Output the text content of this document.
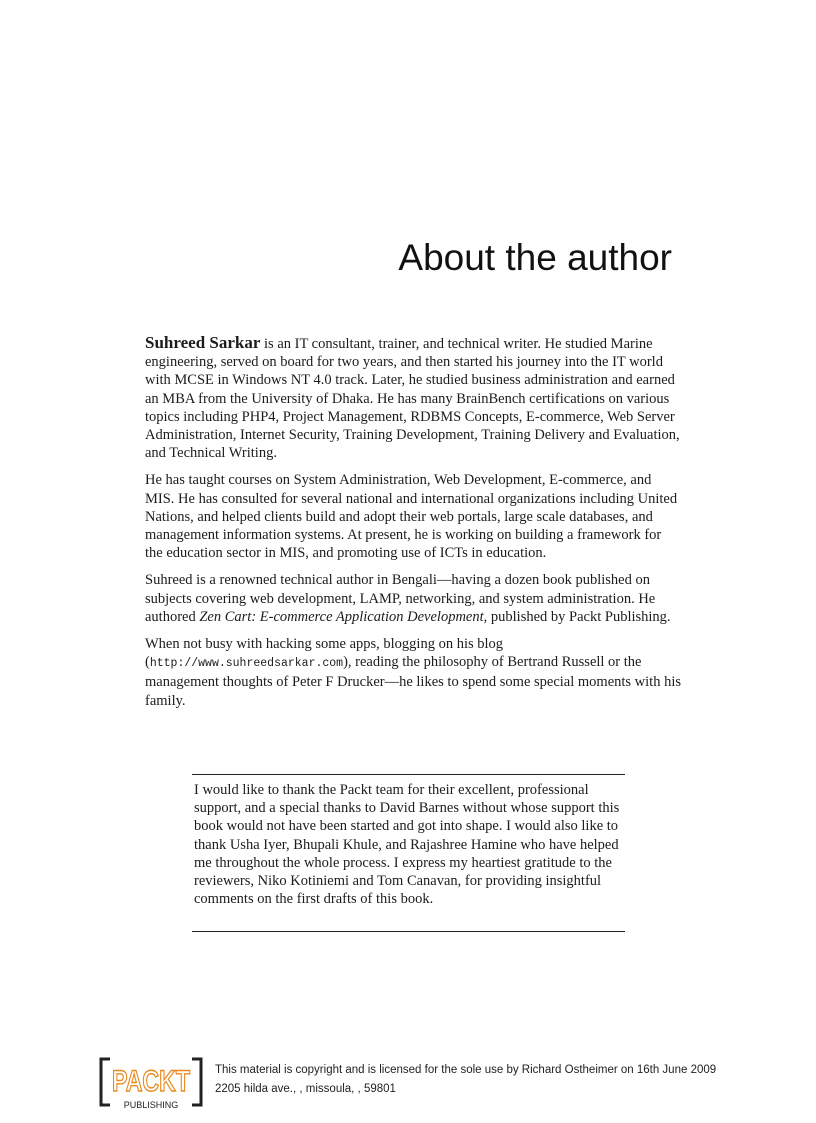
About the author

Suhreed Sarkar is an IT consultant, trainer, and technical writer. He studied Marine engineering, served on board for two years, and then started his journey into the IT world with MCSE in Windows NT 4.0 track. Later, he studied business administration and earned an MBA from the University of Dhaka. He has many BrainBench certifications on various topics including PHP4, Project Management, RDBMS Concepts, E-commerce, Web Server Administration, Internet Security, Training Development, Training Delivery and Evaluation, and Technical Writing.

He has taught courses on System Administration, Web Development, E-commerce, and MIS. He has consulted for several national and international organizations including United Nations, and helped clients build and adopt their web portals, large scale databases, and management information systems. At present, he is working on building a framework for the education sector in MIS, and promoting use of ICTs in education.

Suhreed is a renowned technical author in Bengali—having a dozen book published on subjects covering web development, LAMP, networking, and system administration. He authored Zen Cart: E-commerce Application Development, published by Packt Publishing.

When not busy with hacking some apps, blogging on his blog (http://www.suhreedsarkar.com), reading the philosophy of Bertrand Russell or the management thoughts of Peter F Drucker—he likes to spend some special moments with his family.

I would like to thank the Packt team for their excellent, professional support, and a special thanks to David Barnes without whose support this book would not have been started and got into shape. I would also like to thank Usha Iyer, Bhupali Khule, and Rajashree Hamine who have helped me throughout the whole process. I express my heartiest gratitude to the reviewers, Niko Kotiniemi and Tom Canavan, for providing insightful comments on the first drafts of this book.

PACKT
PUBLISHING
This material is copyright and is licensed for the sole use by Richard Ostheimer on 16th June 2009
2205 hilda ave., , missoula, , 59801
